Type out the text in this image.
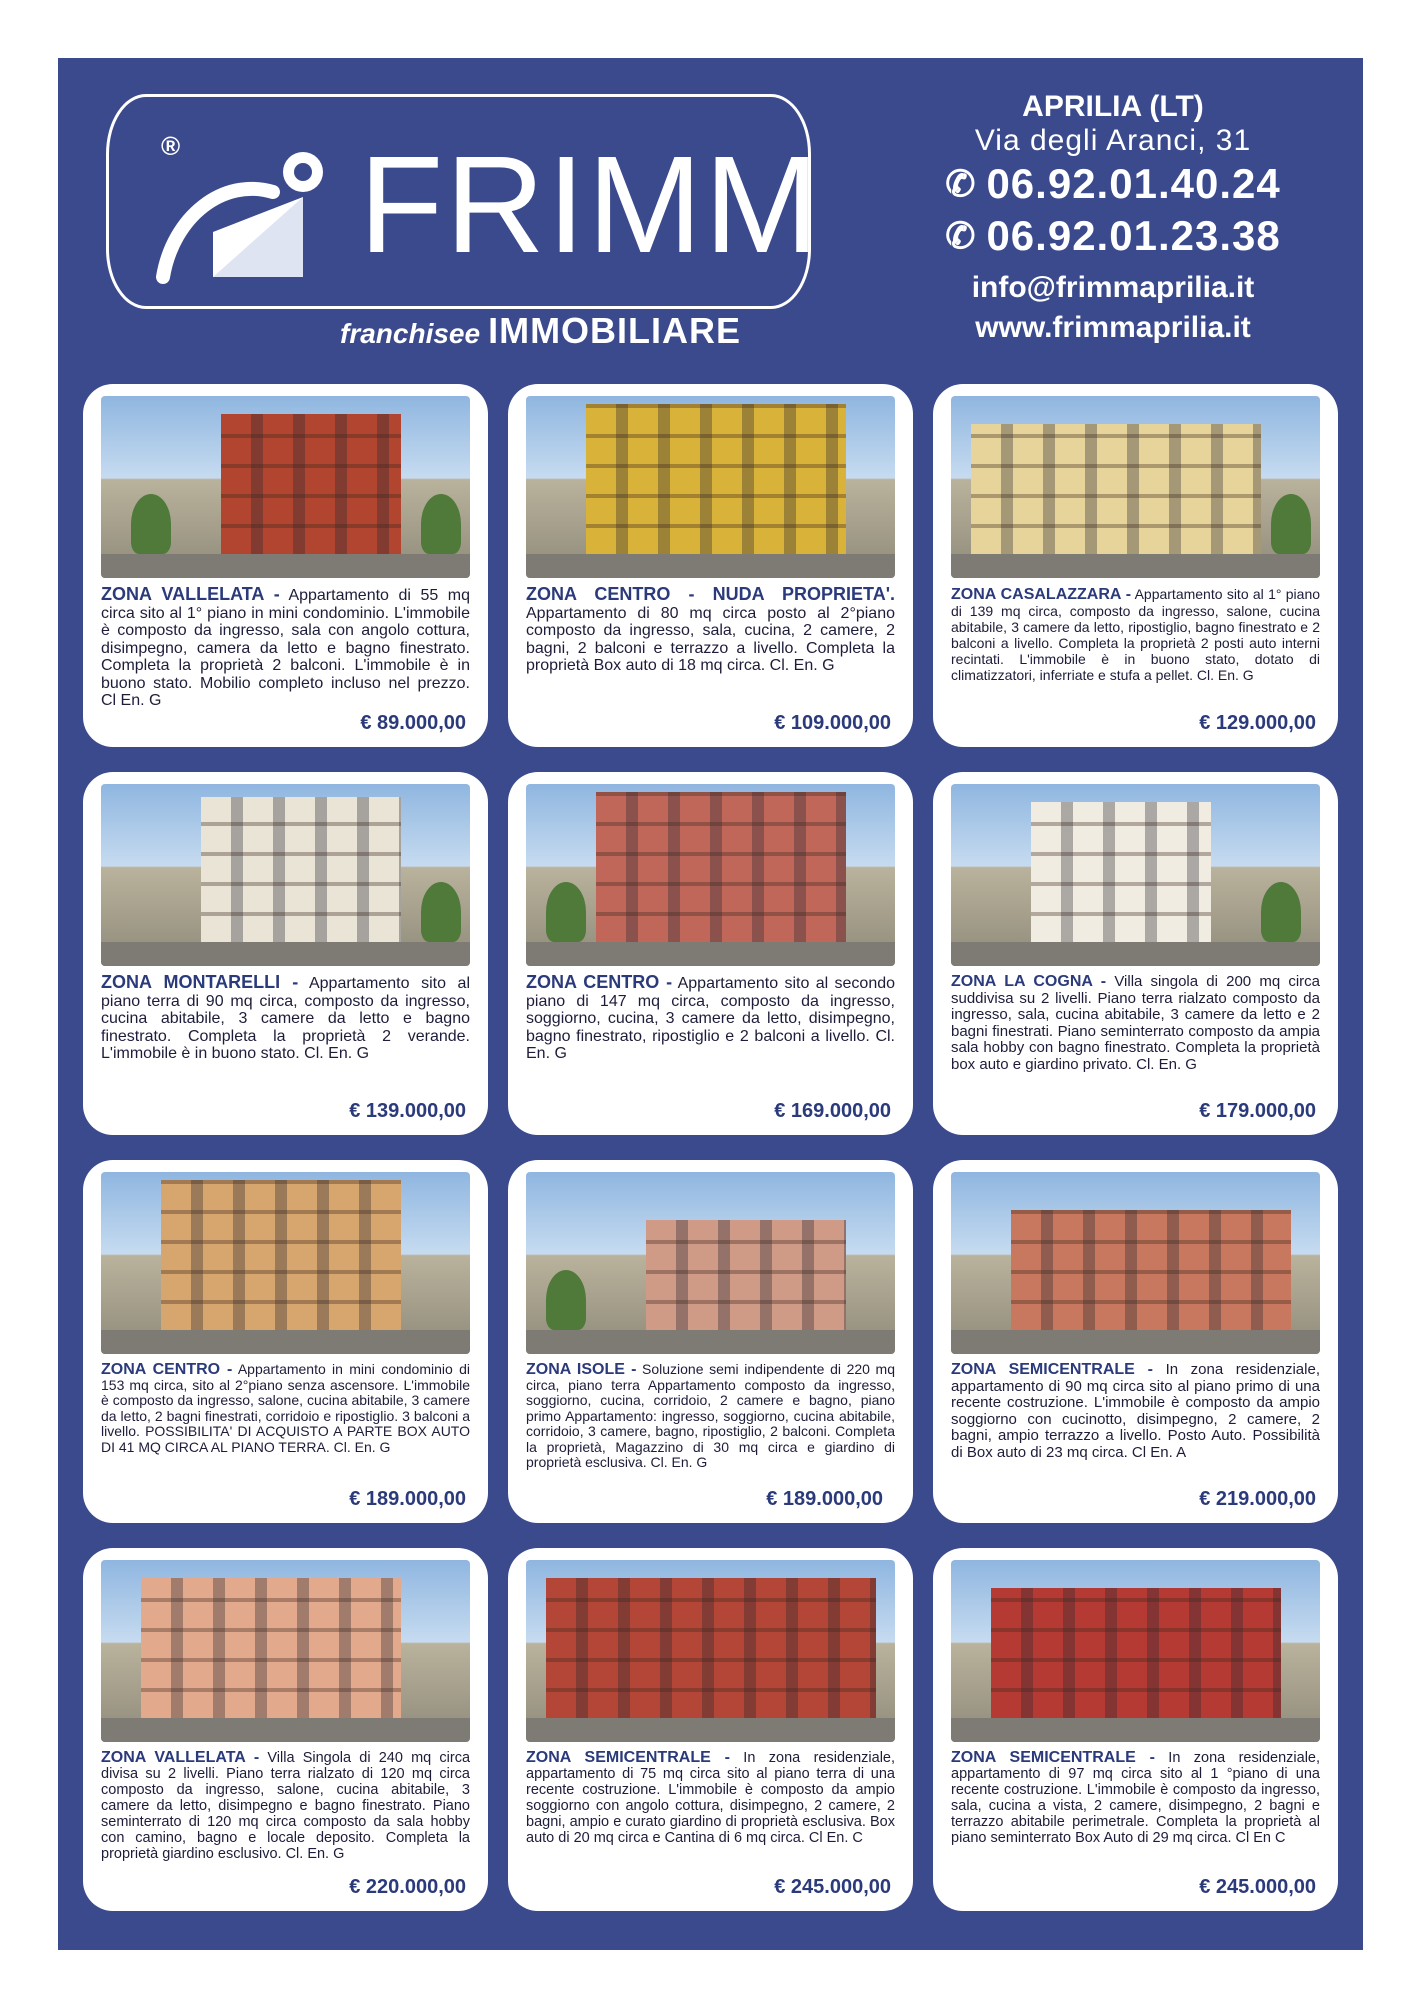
® FRIMM
franchisee IMMOBILIARE
APRILIA (LT)
Via degli Aranci, 31
✆ 06.92.01.40.24
✆ 06.92.01.23.38
info@frimmaprilia.it
www.frimmaprilia.it
ZONA VALLELATA - Appartamento di 55 mq circa sito al 1° piano in mini condominio. L'immobile è composto da ingresso, sala con angolo cottura, disimpegno, camera da letto e bagno finestrato. Completa la proprietà 2 balconi. L'immobile è in buono stato. Mobilio completo incluso nel prezzo. Cl En. G
€ 89.000,00
ZONA CENTRO - NUDA PROPRIETA'. Appartamento di 80 mq circa posto al 2°piano composto da ingresso, sala, cucina, 2 camere, 2 bagni, 2 balconi e terrazzo a livello. Completa la proprietà Box auto di 18 mq circa. Cl. En. G
€ 109.000,00
ZONA CASALAZZARA - Appartamento sito al 1° piano di 139 mq circa, composto da ingresso, salone, cucina abitabile, 3 camere da letto, ripostiglio, bagno finestrato e 2 balconi a livello. Completa la proprietà 2 posti auto interni recintati. L'immobile è in buono stato, dotato di climatizzatori, inferriate e stufa a pellet. Cl. En. G
€ 129.000,00
ZONA MONTARELLI - Appartamento sito al piano terra di 90 mq circa, composto da ingresso, cucina abitabile, 3 camere da letto e bagno finestrato. Completa la proprietà 2 verande. L'immobile è in buono stato. Cl. En. G
€ 139.000,00
ZONA CENTRO - Appartamento sito al secondo piano di 147 mq circa, composto da ingresso, soggiorno, cucina, 3 camere da letto, disimpegno, bagno finestrato, ripostiglio e 2 balconi a livello. Cl. En. G
€ 169.000,00
ZONA LA COGNA - Villa singola di 200 mq circa suddivisa su 2 livelli. Piano terra rialzato composto da ingresso, sala, cucina abitabile, 3 camere da letto e 2 bagni finestrati. Piano seminterrato composto da ampia sala hobby con bagno finestrato. Completa la proprietà box auto e giardino privato. Cl. En. G
€ 179.000,00
ZONA CENTRO - Appartamento in mini condominio di 153 mq circa, sito al 2°piano senza ascensore. L'immobile è composto da ingresso, salone, cucina abitabile, 3 camere da letto, 2 bagni finestrati, corridoio e ripostiglio. 3 balconi a livello. POSSIBILITA' DI ACQUISTO A PARTE BOX AUTO DI 41 MQ CIRCA AL PIANO TERRA. Cl. En. G
€ 189.000,00
ZONA ISOLE - Soluzione semi indipendente di 220 mq circa, piano terra Appartamento composto da ingresso, soggiorno, cucina, corridoio, 2 camere e bagno, piano primo Appartamento: ingresso, soggiorno, cucina abitabile, corridoio, 3 camere, bagno, ripostiglio, 2 balconi. Completa la proprietà, Magazzino di 30 mq circa e giardino di proprietà esclusiva. Cl. En. G
€ 189.000,00
ZONA SEMICENTRALE - In zona residenziale, appartamento di 90 mq circa sito al piano primo di una recente costruzione. L'immobile è composto da ampio soggiorno con cucinotto, disimpegno, 2 camere, 2 bagni, ampio terrazzo a livello. Posto Auto. Possibilità di Box auto di 23 mq circa. Cl En. A
€ 219.000,00
ZONA VALLELATA - Villa Singola di 240 mq circa divisa su 2 livelli. Piano terra rialzato di 120 mq circa composto da ingresso, salone, cucina abitabile, 3 camere da letto, disimpegno e bagno finestrato. Piano seminterrato di 120 mq circa composto da sala hobby con camino, bagno e locale deposito. Completa la proprietà giardino esclusivo. Cl. En. G
€ 220.000,00
ZONA SEMICENTRALE - In zona residenziale, appartamento di 75 mq circa sito al piano terra di una recente costruzione. L'immobile è composto da ampio soggiorno con angolo cottura, disimpegno, 2 camere, 2 bagni, ampio e curato giardino di proprietà esclusiva. Box auto di 20 mq circa e Cantina di 6 mq circa. Cl En. C
€ 245.000,00
ZONA SEMICENTRALE - In zona residenziale, appartamento di 97 mq circa sito al 1 °piano di una recente costruzione. L'immobile è composto da ingresso, sala, cucina a vista, 2 camere, disimpegno, 2 bagni e terrazzo abitabile perimetrale. Completa la proprietà al piano seminterrato Box Auto di 29 mq circa. Cl En C
€ 245.000,00
